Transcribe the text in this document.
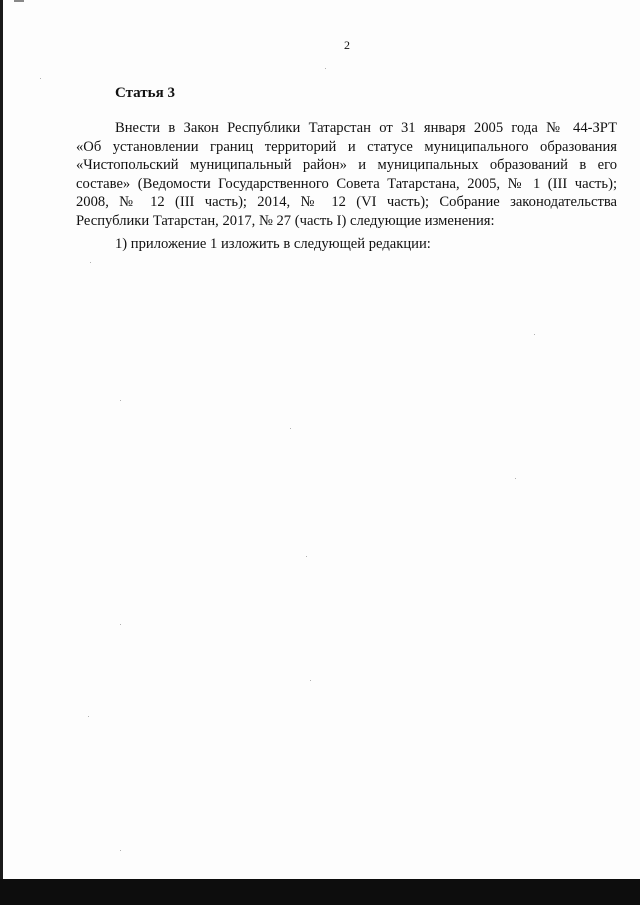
2
Статья 3
Внести в Закон Республики Татарстан от 31 января 2005 года № 44-ЗРТ
«Об установлении границ территорий и статусе муниципального образования
«Чистопольский муниципальный район» и муниципальных образований в его
составе» (Ведомости Государственного Совета Татарстана, 2005, № 1 (III часть);
2008, № 12 (III часть); 2014, № 12 (VI часть); Собрание законодательства
Республики Татарстан, 2017, № 27 (часть I) следующие изменения:
1) приложение 1 изложить в следующей редакции:
